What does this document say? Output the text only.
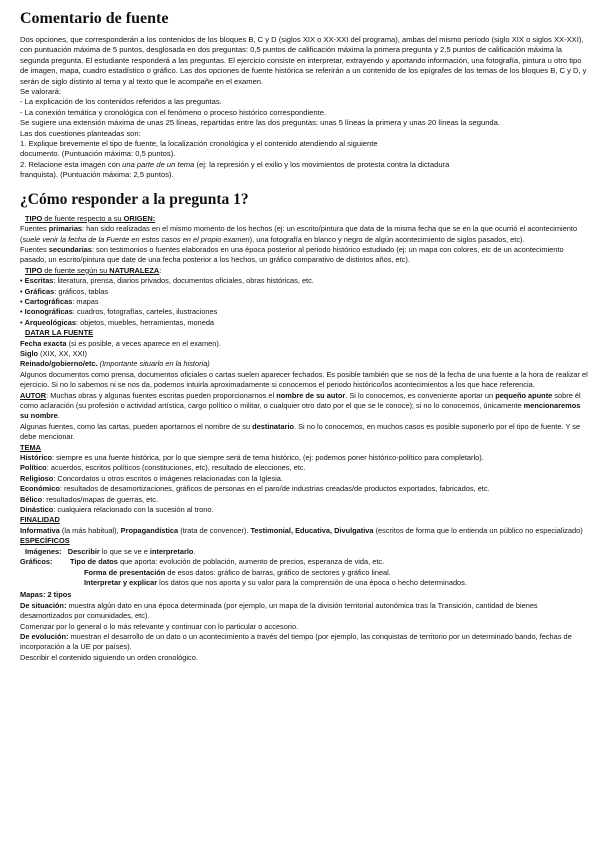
Comentario de fuente

Dos opciones, que corresponderán a los contenidos de los bloques B, C y D (siglos XIX o XX-XXI del programa), ambas del mismo período (siglo XIX o siglos XX-XXI), con puntuación máxima de 5 puntos, desglosada en dos preguntas: 0,5 puntos de calificación máxima la primera pregunta y 2,5 puntos de calificación máxima la segunda pregunta. El estudiante responderá a las preguntas. El ejercicio consiste en interpretar, extrayendo y aportando información, una fotografía, pintura u otro tipo de imagen, mapa, cuadro estadístico o gráfico. Las dos opciones de fuente histórica se referirán a un contenido de los epígrafes de los temas de los bloques B, C y D, y serán de siglo distinto al tema y al texto que le acompañe en el examen.

Se valorará:

- La explicación de los contenidos referidos a las preguntas.

- La conexión temática y cronológica con el fenómeno o proceso histórico correspondiente.

Se sugiere una extensión máxima de unas 25 líneas, repartidas entre las dos preguntas: unas 5 líneas la primera y unas 20 líneas la segunda.

Las dos cuestiones planteadas son:

1. Explique brevemente el tipo de fuente, la localización cronológica y el contenido atendiendo al siguiente

documento. (Puntuación máxima: 0,5 puntos).

2. Relacione esta imagen con una parte de un tema (ej: la represión y el exilio y los movimientos de protesta contra la dictadura

franquista). (Puntuación máxima: 2,5 puntos).

¿Cómo responder a la pregunta 1?

TIPO de fuente respecto a su ORIGEN:

Fuentes primarias: han sido realizadas en el mismo momento de los hechos (ej: un escrito/pintura que data de la misma fecha que se en la que ocurrió el acontecimiento (suele venir la fecha de la Fuente en estos casos en el propio examen), una fotografía en blanco y negro de algún acontecimiento de siglos pasados, etc).

Fuentes secundarias: son testimonios o fuentes elaborados en una época posterior al periodo histórico estudiado (ej: un mapa con colores, etc de un acontecimiento pasado, un escrito/pintura que date de una fecha posterior a los hechos, un gráfico comparativo de distintos años, etc).

TIPO de fuente según su NATURALEZA:

• Escritas: literatura, prensa, diarios privados, documentos oficiales, obras históricas, etc.

• Gráficas: gráficos, tablas

• Cartográficas: mapas

• Iconográficas: cuadros, fotografías, carteles, ilustraciones

• Arqueológicas: objetos, muebles, herramientas, moneda

DATAR LA FUENTE

Fecha exacta (si es posible, a veces aparece en el examen).

Siglo (XIX, XX, XXI)

Reinado/gobierno/etc. (Importante situarlo en la historia)

Algunos documentos como prensa, documentos oficiales o cartas suelen aparecer fechados. Es posible también que se nos dé la fecha de una fuente a la hora de realizar el ejercicio. Si no lo sabemos ni se nos da, podemos intuirla aproximadamente si conocemos el periodo histórico/los acontecimientos a los que hace referencia.

AUTOR: Muchas obras y algunas fuentes escritas pueden proporcionarnos el nombre de su autor. Si lo conocemos, es conveniente aportar un pequeño apunte sobre él como aclaración (su profesión o actividad artística, cargo político o militar, o cualquier otro dato por el que se le conoce); si no lo conocemos, únicamente mencionaremos su nombre.

Algunas fuentes, como las cartas, pueden aportarnos el nombre de su destinatario. Si no lo conocemos, en muchos casos es posible suponerlo por el tipo de fuente. Y se debe mencionar.

TEMA

Histórico: siempre es una fuente histórica, por lo que siempre será de tema histórico, (ej: podemos poner histórico-político para completarlo).

Político: acuerdos, escritos políticos (constituciones, etc), resultado de elecciones, etc.

Religioso: Concordatos u otros escritos o imágenes relacionadas con la Iglesia.

Económico: resultados de desamortizaciones, gráficos de personas en el paro/de industrias creadas/de productos exportados, fabricados, etc.

Bélico: resultados/mapas de guerras, etc.

Dinástico: cualquiera relacionado con la sucesión al trono.

FINALIDAD

Informativa (la más habitual), Propagandística (trata de convencer). Testimonial, Educativa, Divulgativa (escritos de forma que lo entienda un público no especializado)

ESPECÍFICOS

Imágenes: Describir lo que se ve e interpretarlo.

Gráficos:	Tipo de datos que aporta: evolución de población, aumento de precios, esperanza de vida, etc.
Forma de presentación de esos datos: gráfico de barras, gráfico de sectores y gráfico lineal.
Interpretar y explicar los datos que nos aporta y su valor para la comprensión de una época o hecho determinados.

Mapas: 2 tipos

De situación: muestra algún dato en una época determinada (por ejemplo, un mapa de la división territorial autonómica tras la Transición, cantidad de bienes desamortizados por comunidades, etc).

Comenzar por lo general o lo más relevante y continuar con lo particular o accesorio.

De evolución: muestran el desarrollo de un dato o un acontecimiento a través del tiempo (por ejemplo, las conquistas de territorio por un determinado bando, fechas de incorporación a la UE por países).

Describir el contenido siguiendo un orden cronológico.
